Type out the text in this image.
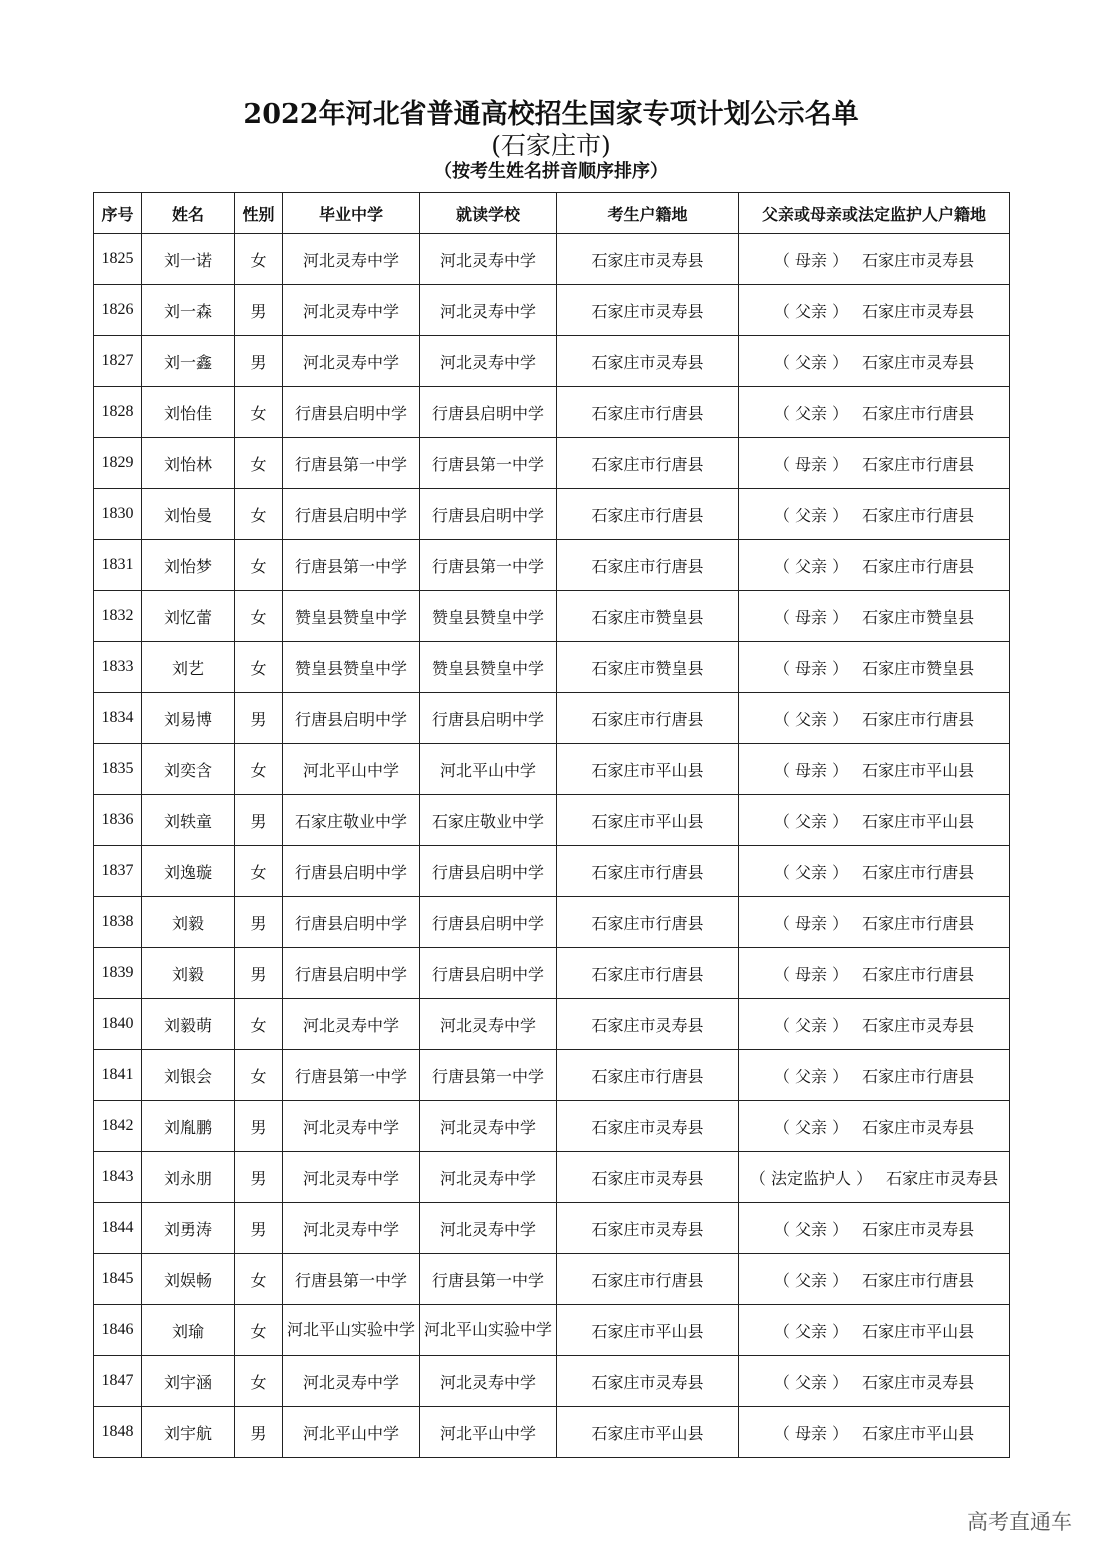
2022年河北省普通高校招生国家专项计划公示名单
(石家庄市)
（按考生姓名拼音顺序排序）
序号	姓名	性别	毕业中学	就读学校	考生户籍地	父亲或母亲或法定监护人户籍地
1825	刘一诺	女	河北灵寿中学	河北灵寿中学	石家庄市灵寿县	（ 母亲 ） 石家庄市灵寿县
1826	刘一森	男	河北灵寿中学	河北灵寿中学	石家庄市灵寿县	（ 父亲 ） 石家庄市灵寿县
1827	刘一鑫	男	河北灵寿中学	河北灵寿中学	石家庄市灵寿县	（ 父亲 ） 石家庄市灵寿县
1828	刘怡佳	女	行唐县启明中学	行唐县启明中学	石家庄市行唐县	（ 父亲 ） 石家庄市行唐县
1829	刘怡林	女	行唐县第一中学	行唐县第一中学	石家庄市行唐县	（ 母亲 ） 石家庄市行唐县
1830	刘怡曼	女	行唐县启明中学	行唐县启明中学	石家庄市行唐县	（ 父亲 ） 石家庄市行唐县
1831	刘怡梦	女	行唐县第一中学	行唐县第一中学	石家庄市行唐县	（ 父亲 ） 石家庄市行唐县
1832	刘忆蕾	女	赞皇县赞皇中学	赞皇县赞皇中学	石家庄市赞皇县	（ 母亲 ） 石家庄市赞皇县
1833	刘艺	女	赞皇县赞皇中学	赞皇县赞皇中学	石家庄市赞皇县	（ 母亲 ） 石家庄市赞皇县
1834	刘易博	男	行唐县启明中学	行唐县启明中学	石家庄市行唐县	（ 父亲 ） 石家庄市行唐县
1835	刘奕含	女	河北平山中学	河北平山中学	石家庄市平山县	（ 母亲 ） 石家庄市平山县
1836	刘轶童	男	石家庄敬业中学	石家庄敬业中学	石家庄市平山县	（ 父亲 ） 石家庄市平山县
1837	刘逸璇	女	行唐县启明中学	行唐县启明中学	石家庄市行唐县	（ 父亲 ） 石家庄市行唐县
1838	刘毅	男	行唐县启明中学	行唐县启明中学	石家庄市行唐县	（ 母亲 ） 石家庄市行唐县
1839	刘毅	男	行唐县启明中学	行唐县启明中学	石家庄市行唐县	（ 母亲 ） 石家庄市行唐县
1840	刘毅萌	女	河北灵寿中学	河北灵寿中学	石家庄市灵寿县	（ 父亲 ） 石家庄市灵寿县
1841	刘银会	女	行唐县第一中学	行唐县第一中学	石家庄市行唐县	（ 父亲 ） 石家庄市行唐县
1842	刘胤鹏	男	河北灵寿中学	河北灵寿中学	石家庄市灵寿县	（ 父亲 ） 石家庄市灵寿县
1843	刘永朋	男	河北灵寿中学	河北灵寿中学	石家庄市灵寿县	（ 法定监护人 ） 石家庄市灵寿县
1844	刘勇涛	男	河北灵寿中学	河北灵寿中学	石家庄市灵寿县	（ 父亲 ） 石家庄市灵寿县
1845	刘娱畅	女	行唐县第一中学	行唐县第一中学	石家庄市行唐县	（ 父亲 ） 石家庄市行唐县
1846	刘瑜	女	河北平山实验中学	河北平山实验中学	石家庄市平山县	（ 父亲 ） 石家庄市平山县
1847	刘宇涵	女	河北灵寿中学	河北灵寿中学	石家庄市灵寿县	（ 父亲 ） 石家庄市灵寿县
1848	刘宇航	男	河北平山中学	河北平山中学	石家庄市平山县	（ 母亲 ） 石家庄市平山县
高考直通车
